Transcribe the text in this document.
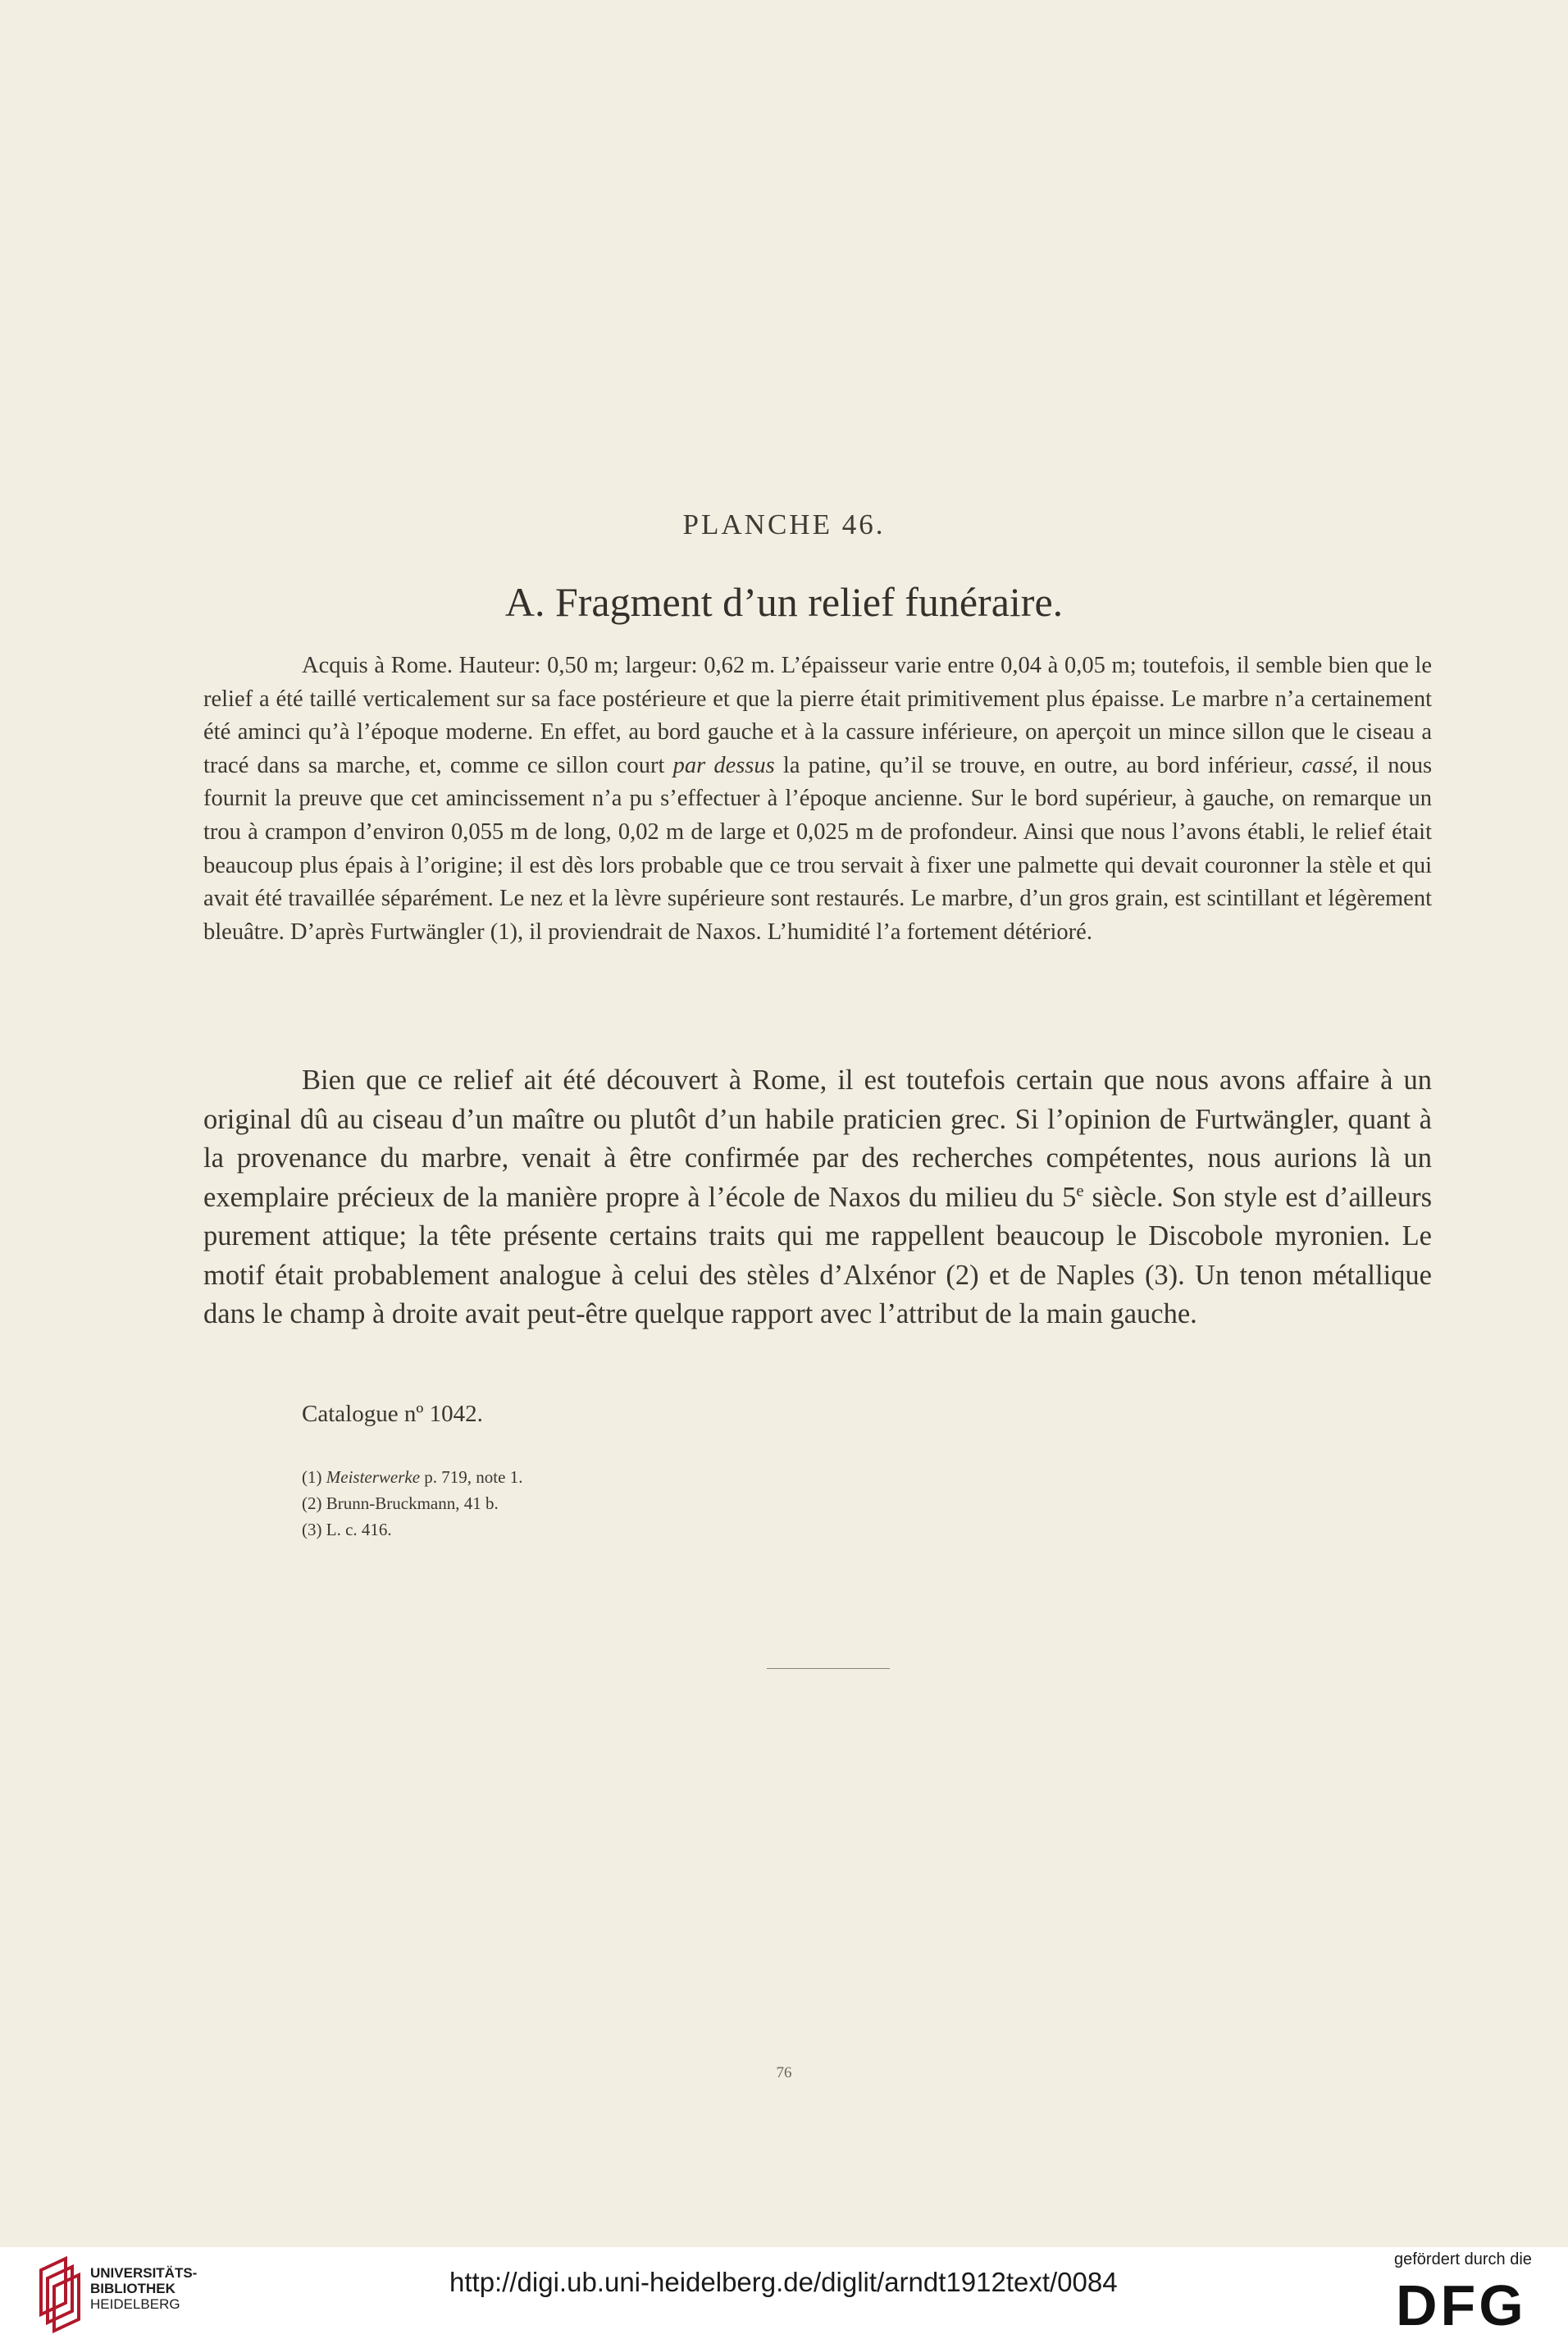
PLANCHE 46.
A. Fragment d’un relief funéraire.
Acquis à Rome. Hauteur: 0,50 m; largeur: 0,62 m. L’épaisseur varie entre 0,04 à 0,05 m; toutefois, il semble bien que le relief a été taillé verticalement sur sa face postérieure et que la pierre était primitivement plus épaisse. Le marbre n’a certainement été aminci qu’à l’époque moderne. En effet, au bord gauche et à la cassure inférieure, on aperçoit un mince sillon que le ciseau a tracé dans sa marche, et, comme ce sillon court par dessus la patine, qu’il se trouve, en outre, au bord inférieur, cassé, il nous fournit la preuve que cet amincissement n’a pu s’effectuer à l’époque ancienne. Sur le bord supérieur, à gauche, on remarque un trou à crampon d’environ 0,055 m de long, 0,02 m de large et 0,025 m de profondeur. Ainsi que nous l’avons établi, le relief était beaucoup plus épais à l’origine; il est dès lors probable que ce trou servait à fixer une palmette qui devait couronner la stèle et qui avait été travaillée séparément. Le nez et la lèvre supérieure sont restaurés. Le marbre, d’un gros grain, est scintillant et légèrement bleuâtre. D’après Furtwängler (1), il proviendrait de Naxos. L’humidité l’a fortement détérioré.
Bien que ce relief ait été découvert à Rome, il est toutefois certain que nous avons affaire à un original dû au ciseau d’un maître ou plutôt d’un habile praticien grec. Si l’opinion de Furtwängler, quant à la provenance du marbre, venait à être confirmée par des recherches compétentes, nous aurions là un exemplaire précieux de la manière propre à l’école de Naxos du milieu du 5e siècle. Son style est d’ailleurs purement attique; la tête présente certains traits qui me rappellent beaucoup le Discobole myronien. Le motif était probablement analogue à celui des stèles d’Alxénor (2) et de Naples (3). Un tenon métallique dans le champ à droite avait peut-être quelque rapport avec l’attribut de la main gauche.
Catalogue nº 1042.
(1) Meisterwerke p. 719, note 1.
(2) Brunn-Bruckmann, 41 b.
(3) L. c. 416.
76
UNIVERSITÄTS-
BIBLIOTHEK
HEIDELBERG
http://digi.ub.uni-heidelberg.de/diglit/arndt1912text/0084
gefördert durch die
DFG
